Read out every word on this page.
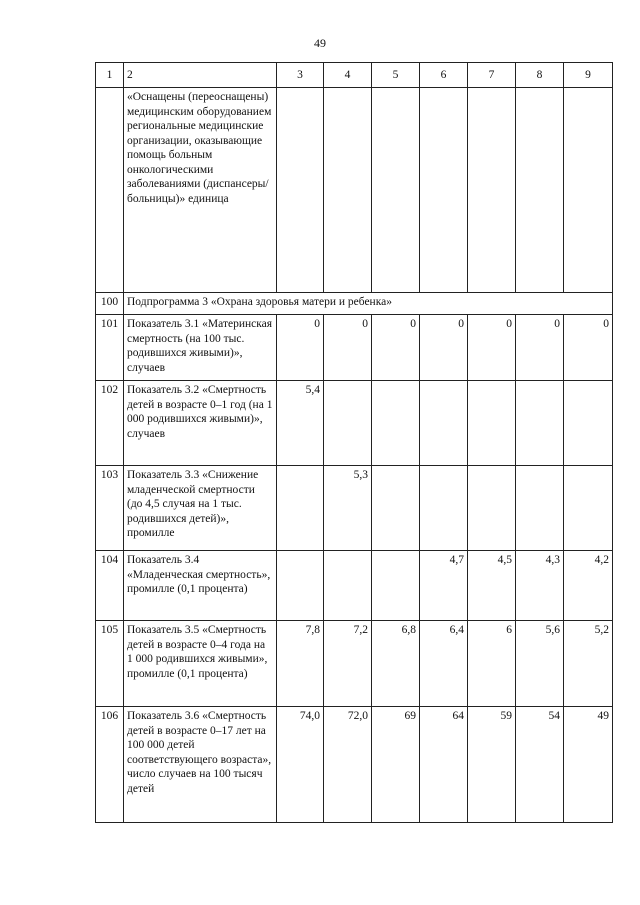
49
1	2	3	4	5	6	7	8	9
	«Оснащены (переоснащены) медицинским оборудованием региональные медицинские организации, оказывающие помощь больным онкологическими заболеваниями (диспансеры/больницы)» единица							
100	Подпрограмма 3 «Охрана здоровья матери и ребенка»							
101	Показатель 3.1 «Материнская смертность (на 100 тыс. родившихся живыми)», случаев	0	0	0	0	0	0	0
102	Показатель 3.2 «Смертность детей в возрасте 0–1 год (на 1 000 родившихся живыми)», случаев	5,4						
103	Показатель 3.3 «Снижение младенческой смертности (до 4,5 случая на 1 тыс. родившихся детей)», промилле		5,3					
104	Показатель 3.4 «Младенческая смертность», промилле (0,1 процента)				4,7	4,5	4,3	4,2
105	Показатель 3.5 «Смертность детей в возрасте 0–4 года на 1 000 родившихся живыми», промилле (0,1 процента)	7,8	7,2	6,8	6,4	6	5,6	5,2
106	Показатель 3.6 «Смертность детей в возрасте 0–17 лет на 100 000 детей соответствующего возраста», число случаев на 100 тысяч детей	74,0	72,0	69	64	59	54	49
